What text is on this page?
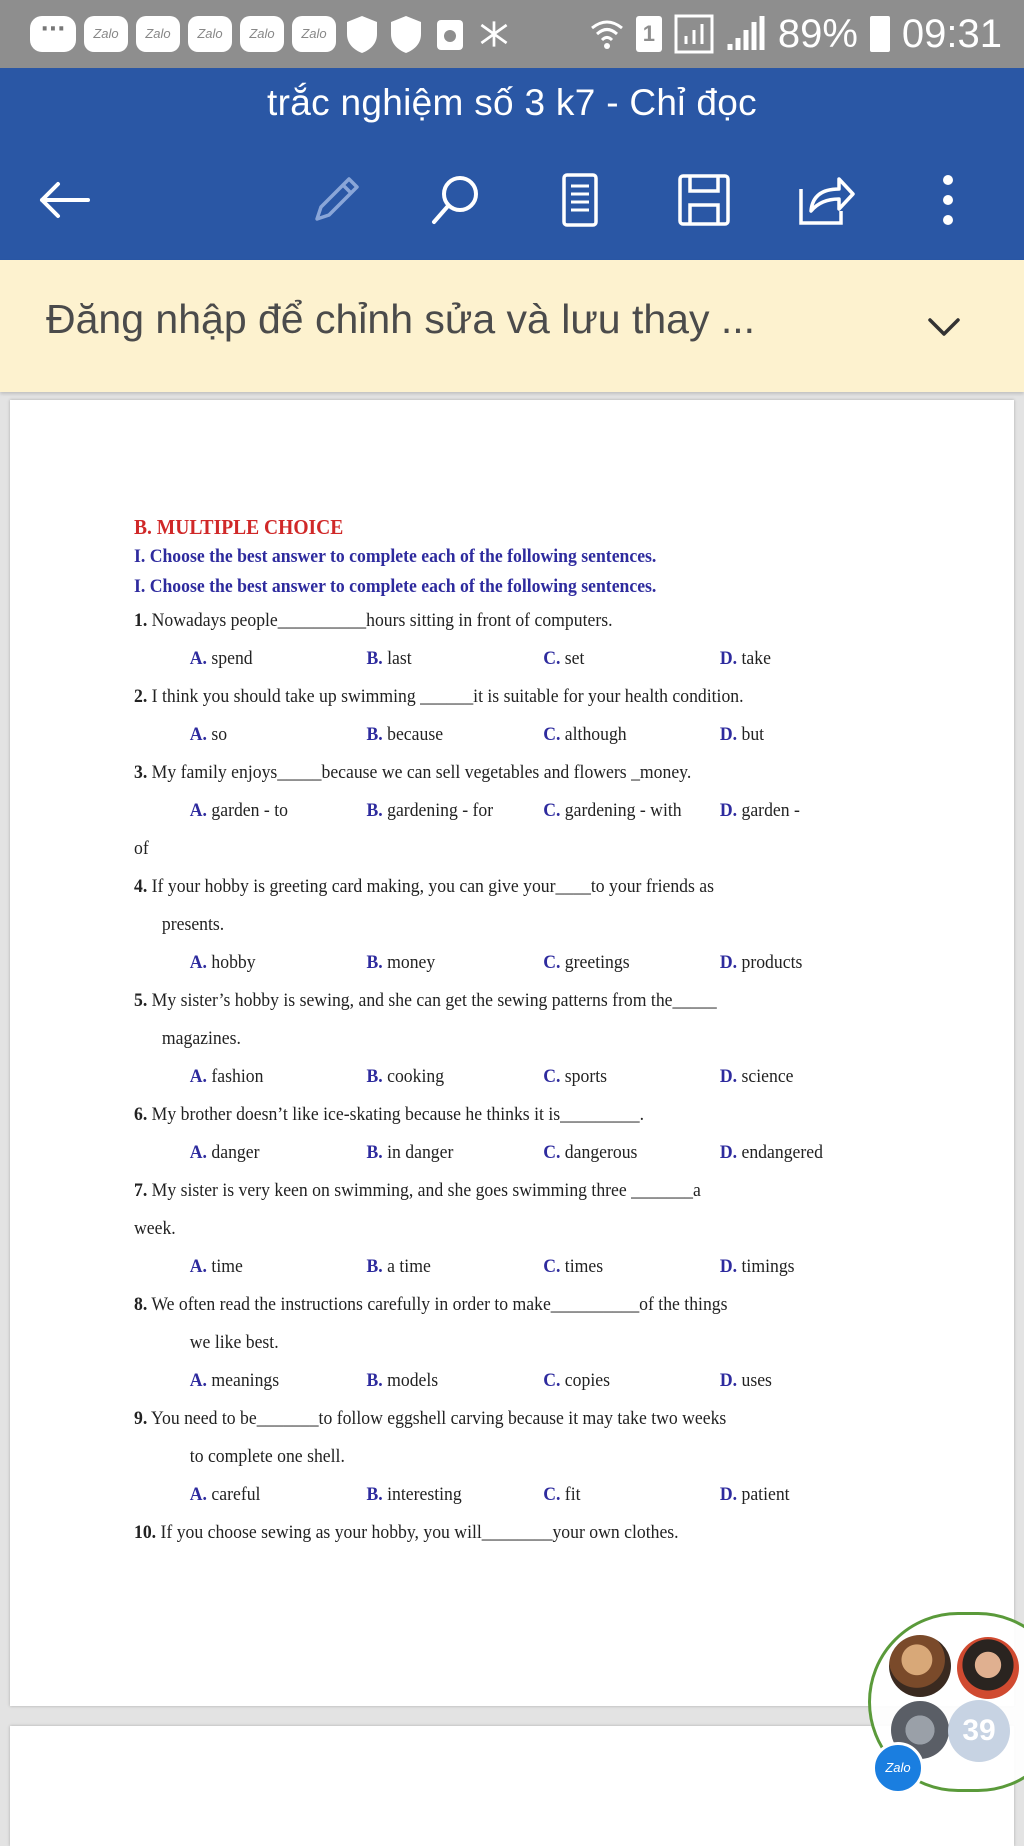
···	Zalo	Zalo	Zalo	Zalo	Zalo	1	89% 09:31
trắc nghiệm số 3 k7 - Chỉ đọc
Đăng nhập để chỉnh sửa và lưu thay ...
B. MULTIPLE CHOICE
I. Choose the best answer to complete each of the following sentences.
I. Choose the best answer to complete each of the following sentences.
1. Nowadays people__________hours sitting in front of computers.
A. spend	B. last	C. set	D. take
2. I think you should take up swimming ______it is suitable for your health condition.
A. so	B. because	C. although	D. but
3. My family enjoys_____because we can sell vegetables and flowers _money.
A. garden - to	B. gardening - for	C. gardening - with	D. garden -
of
4. If your hobby is greeting card making, you can give your____to your friends as
presents.
A. hobby	B. money	C. greetings	D. products
5. My sister’s hobby is sewing, and she can get the sewing patterns from the_____
magazines.
A. fashion	B. cooking	C. sports	D. science
6. My brother doesn’t like ice-skating because he thinks it is_________.
A. danger	B. in danger	C. dangerous	D. endangered
7. My sister is very keen on swimming, and she goes swimming three _______a
week.
A. time	B. a time	C. times	D. timings
8. We often read the instructions carefully in order to make__________of the things
we like best.
A. meanings	B. models	C. copies	D. uses
9. You need to be_______to follow eggshell carving because it may take two weeks
to complete one shell.
A. careful	B. interesting	C. fit	D. patient
10. If you choose sewing as your hobby, you will________your own clothes.
39
Zalo
